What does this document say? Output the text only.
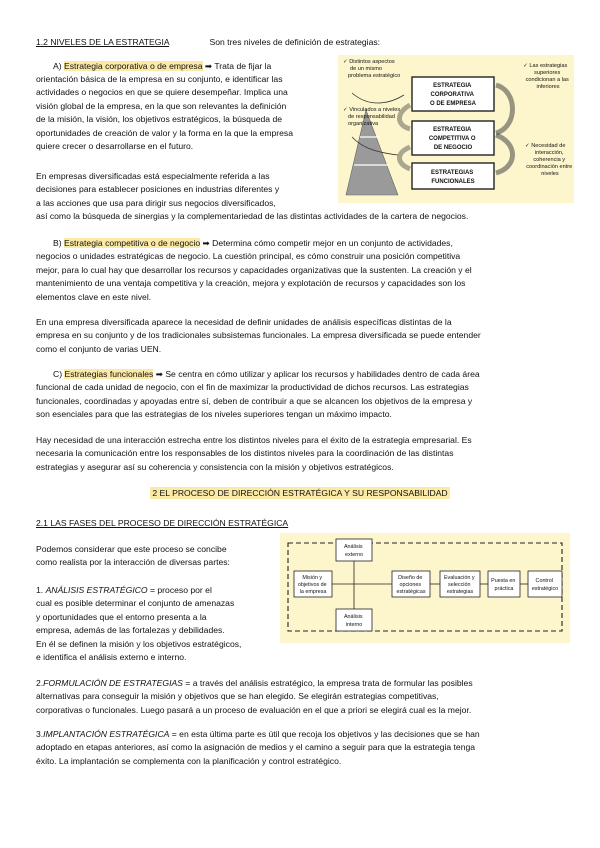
1.2 NIVELES DE LA ESTRATEGIA	Son tres niveles de definición de estrategias:
A) Estrategia corporativa o de empresa ➡ Trata de fijar la
orientación básica de la empresa en su conjunto, e identificar las
actividades o negocios en que se quiere desempeñar. Implica una
visión global de la empresa, en la que son relevantes la definición
de la misión, la visión, los objetivos estratégicos, la búsqueda de
oportunidades de creación de valor y la forma en la que la empresa
quiere crecer o desarrollarse en el futuro.
En empresas diversificadas está especialmente referida a las
decisiones para establecer posiciones en industrias diferentes y
a las acciones que usa para dirigir sus negocios diversificados,
así como la búsqueda de sinergias y la complementariedad de las distintas actividades de la cartera de negocios.
✓ Distintos aspectos de un mismo problema estratégico
✓ Vinculados a niveles de responsabilidad organizativa
✓ Las estrategias superiores condicionan a las inferiores
✓ Necesidad de interacción, coherencia y coordinación entre niveles
ESTRATEGIA CORPORATIVA O DE EMPRESA
ESTRATEGIA COMPETITIVA O DE NEGOCIO
ESTRATEGIAS FUNCIONALES
B) Estrategia competitiva o de negocio ➡ Determina cómo competir mejor en un conjunto de actividades,
negocios o unidades estratégicas de negocio. La cuestión principal, es cómo construir una posición competitiva
mejor, para lo cual hay que desarrollar los recursos y capacidades organizativas que la sustenten. La creación y el
mantenimiento de una ventaja competitiva y la creación, mejora y explotación de recursos y capacidades son los
elementos clave en este nivel.
En una empresa diversificada aparece la necesidad de definir unidades de análisis específicas distintas de la
empresa en su conjunto y de los tradicionales subsistemas funcionales. La empresa diversificada se puede entender
como el conjunto de varias UEN.
C) Estrategias funcionales ➡ Se centra en cómo utilizar y aplicar los recursos y habilidades dentro de cada área
funcional de cada unidad de negocio, con el fin de maximizar la productividad de dichos recursos. Las estrategias
funcionales, coordinadas y apoyadas entre sí, deben de contribuir a que se alcancen los objetivos de la empresa y
son esenciales para que las estrategias de los niveles superiores tengan un máximo impacto.
Hay necesidad de una interacción estrecha entre los distintos niveles para el éxito de la estrategia empresarial. Es
necesaria la comunicación entre los responsables de los distintos niveles para la coordinación de las distintas
estrategias y asegurar así su coherencia y consistencia con la misión y objetivos estratégicos.
2 EL PROCESO DE DIRECCIÓN ESTRATÉGICA Y SU RESPONSABILIDAD
2.1 LAS FASES DEL PROCESO DE DIRECCIÓN ESTRATÉGICA
Podemos considerar que este proceso se concibe
como realista por la interacción de diversas partes:
1. ANÁLISIS ESTRATÉGICO = proceso por el
cual es posible determinar el conjunto de amenazas
y oportunidades que el entorno presenta a la
empresa, además de las fortalezas y debilidades.
En él se definen la misión y los objetivos estratégicos,
e identifica el análisis externo e interno.
Misión y objetivos de la empresa
Análisis externo
Análisis interno
Diseño de opciones estratégicas
Evaluación y selección estrategias
Puesta en práctica
Control estratégico
2.FORMULACIÓN DE ESTRATEGIAS = a través del análisis estratégico, la empresa trata de formular las posibles
alternativas para conseguir la misión y objetivos que se han elegido. Se elegirán estrategias competitivas,
corporativas o funcionales. Luego pasará a un proceso de evaluación en el que a priori se elegirá cual es la mejor.
3.IMPLANTACIÓN ESTRATÉGICA = en esta última parte es útil que recoja los objetivos y las decisiones que se han
adoptado en etapas anteriores, así como la asignación de medios y el camino a seguir para que la estrategia tenga
éxito. La implantación se complementa con la planificación y control estratégico.
